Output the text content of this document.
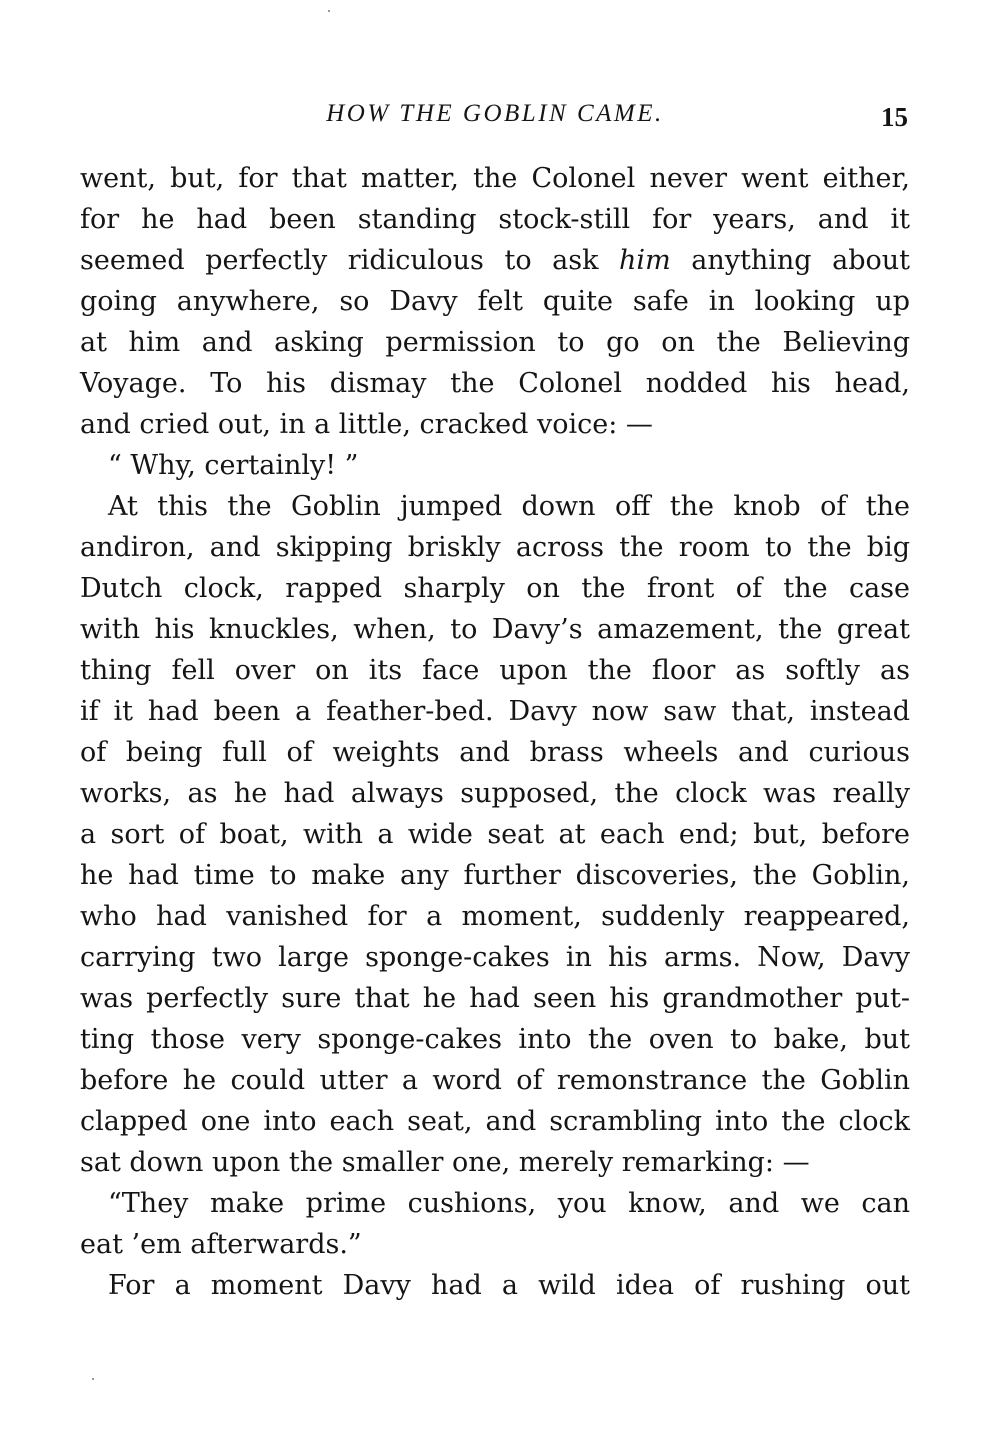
HOW THE GOBLIN CAME.	15
went, but, for that matter, the Colonel never went either,
for he had been standing stock-still for years, and it
seemed perfectly ridiculous to ask him anything about
going anywhere, so Davy felt quite safe in looking up
at him and asking permission to go on the Believing
Voyage. To his dismay the Colonel nodded his head,
and cried out, in a little, cracked voice: —
“ Why, certainly! ”
At this the Goblin jumped down off the knob of the
andiron, and skipping briskly across the room to the big
Dutch clock, rapped sharply on the front of the case
with his knuckles, when, to Davy’s amazement, the great
thing fell over on its face upon the floor as softly as
if it had been a feather-bed. Davy now saw that, instead
of being full of weights and brass wheels and curious
works, as he had always supposed, the clock was really
a sort of boat, with a wide seat at each end; but, before
he had time to make any further discoveries, the Goblin,
who had vanished for a moment, suddenly reappeared,
carrying two large sponge-cakes in his arms. Now, Davy
was perfectly sure that he had seen his grandmother put-
ting those very sponge-cakes into the oven to bake, but
before he could utter a word of remonstrance the Goblin
clapped one into each seat, and scrambling into the clock
sat down upon the smaller one, merely remarking: —
“They make prime cushions, you know, and we can
eat ’em afterwards.”
For a moment Davy had a wild idea of rushing out
